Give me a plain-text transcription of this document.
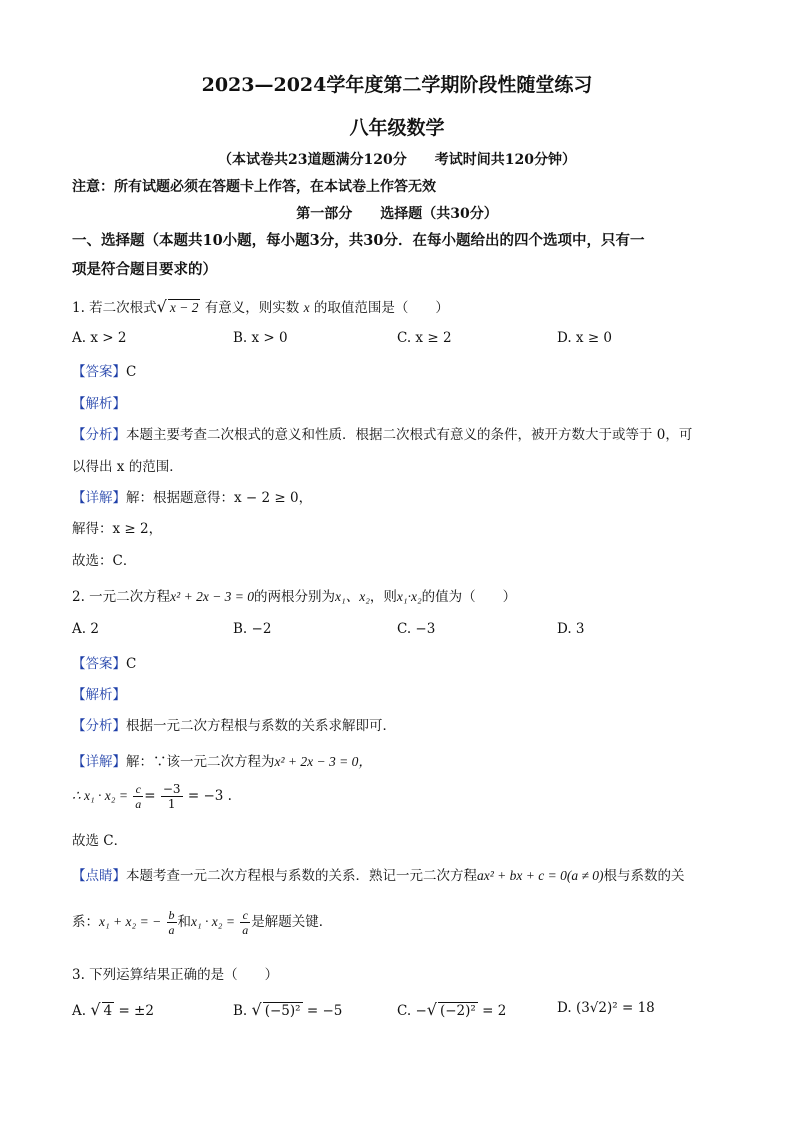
2023—2024学年度第二学期阶段性随堂练习
八年级数学
（本试卷共23道题满分120分　　考试时间共120分钟）
注意：所有试题必须在答题卡上作答，在本试卷上作答无效
第一部分　　选择题（共30分）
一、选择题（本题共10小题，每小题3分，共30分．在每小题给出的四个选项中，只有一
项是符合题目要求的）
1. 若二次根式√ x − 2 有意义，则实数 x 的取值范围是（　　）
A. x > 2	B. x > 0	C. x ≥ 2	D. x ≥ 0
【答案】C
【解析】
【分析】本题主要考查二次根式的意义和性质．根据二次根式有意义的条件，被开方数大于或等于 0，可
以得出 x 的范围．
【详解】解：根据题意得：x − 2 ≥ 0，
解得：x ≥ 2，
故选：C．
2. 一元二次方程x² + 2x − 3 = 0的两根分别为x₁、x₂，则x₁·x₂的值为（　　）
A. 2	B. −2	C. −3	D. 3
【答案】C
【解析】
【分析】根据一元二次方程根与系数的关系求解即可．
【详解】解：∵该一元二次方程为x² + 2x − 3 = 0，
∴ $x_1 \cdot x_2 = \frac{c}{a} = \frac{-3}{1} = -3$ .
故选 C．
【点睛】本题考查一元二次方程根与系数的关系．熟记一元二次方程ax² + bx + c = 0(a ≠ 0)根与系数的关
系：x₁ + x₂ = − $\frac{b}{a}$ 和$x_1 \cdot x_2 = \frac{c}{a}$ 是解题关键．
3. 下列运算结果正确的是（　　）
A. √ 4 = ±2	B. √ (−5)² = −5	C. −√ (−2)² = 2	D. (3√2)² = 18
